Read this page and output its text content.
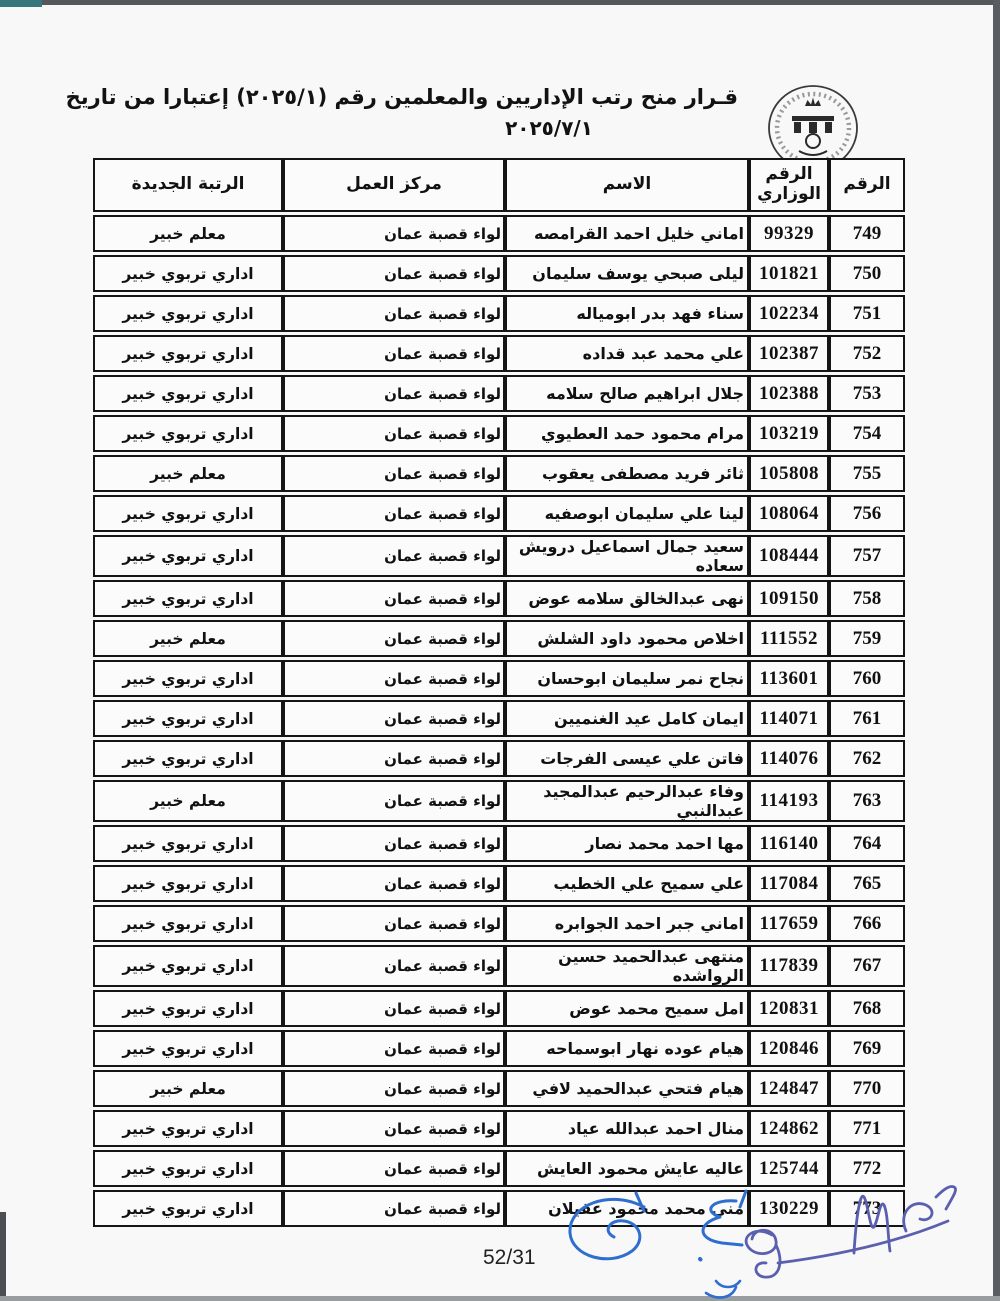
قـرار منح رتب الإداريين والمعلمين رقم (٢٠٢٥/١) إعتبارا من تاريخ
٢٠٢٥/٧/١
الرقم	الرقم الوزاري	الاسم	مركز العمل	الرتبة الجديدة
749	99329	اماني خليل احمد القرامصه	لواء قصبة عمان	معلم خبير
750	101821	ليلى صبحي يوسف سليمان	لواء قصبة عمان	اداري تربوي خبير
751	102234	سناء فهد بدر ابومياله	لواء قصبة عمان	اداري تربوي خبير
752	102387	علي محمد عبد قداده	لواء قصبة عمان	اداري تربوي خبير
753	102388	جلال ابراهيم صالح سلامه	لواء قصبة عمان	اداري تربوي خبير
754	103219	مرام محمود حمد العطيوي	لواء قصبة عمان	اداري تربوي خبير
755	105808	ثائر فريد مصطفى يعقوب	لواء قصبة عمان	معلم خبير
756	108064	لينا علي سليمان ابوصفيه	لواء قصبة عمان	اداري تربوي خبير
757	108444	سعيد جمال اسماعيل درويش سعاده	لواء قصبة عمان	اداري تربوي خبير
758	109150	نهى عبدالخالق سلامه عوض	لواء قصبة عمان	اداري تربوي خبير
759	111552	اخلاص محمود داود الشلش	لواء قصبة عمان	معلم خبير
760	113601	نجاح نمر سليمان ابوحسان	لواء قصبة عمان	اداري تربوي خبير
761	114071	ايمان كامل عيد الغنميين	لواء قصبة عمان	اداري تربوي خبير
762	114076	فاتن علي عيسى الفرجات	لواء قصبة عمان	اداري تربوي خبير
763	114193	وفاء عبدالرحيم عبدالمجيد عبدالنبي	لواء قصبة عمان	معلم خبير
764	116140	مها احمد محمد نصار	لواء قصبة عمان	اداري تربوي خبير
765	117084	علي سميح علي الخطيب	لواء قصبة عمان	اداري تربوي خبير
766	117659	اماني جبر احمد الجوابره	لواء قصبة عمان	اداري تربوي خبير
767	117839	منتهى عبدالحميد حسين الرواشده	لواء قصبة عمان	اداري تربوي خبير
768	120831	امل سميح محمد عوض	لواء قصبة عمان	اداري تربوي خبير
769	120846	هيام عوده نهار ابوسماحه	لواء قصبة عمان	اداري تربوي خبير
770	124847	هيام فتحي عبدالحميد لافي	لواء قصبة عمان	معلم خبير
771	124862	منال احمد عبدالله عياد	لواء قصبة عمان	اداري تربوي خبير
772	125744	عاليه عايش محمود العايش	لواء قصبة عمان	اداري تربوي خبير
773	130229	منى محمد محمود عقيلان	لواء قصبة عمان	اداري تربوي خبير
52/31
